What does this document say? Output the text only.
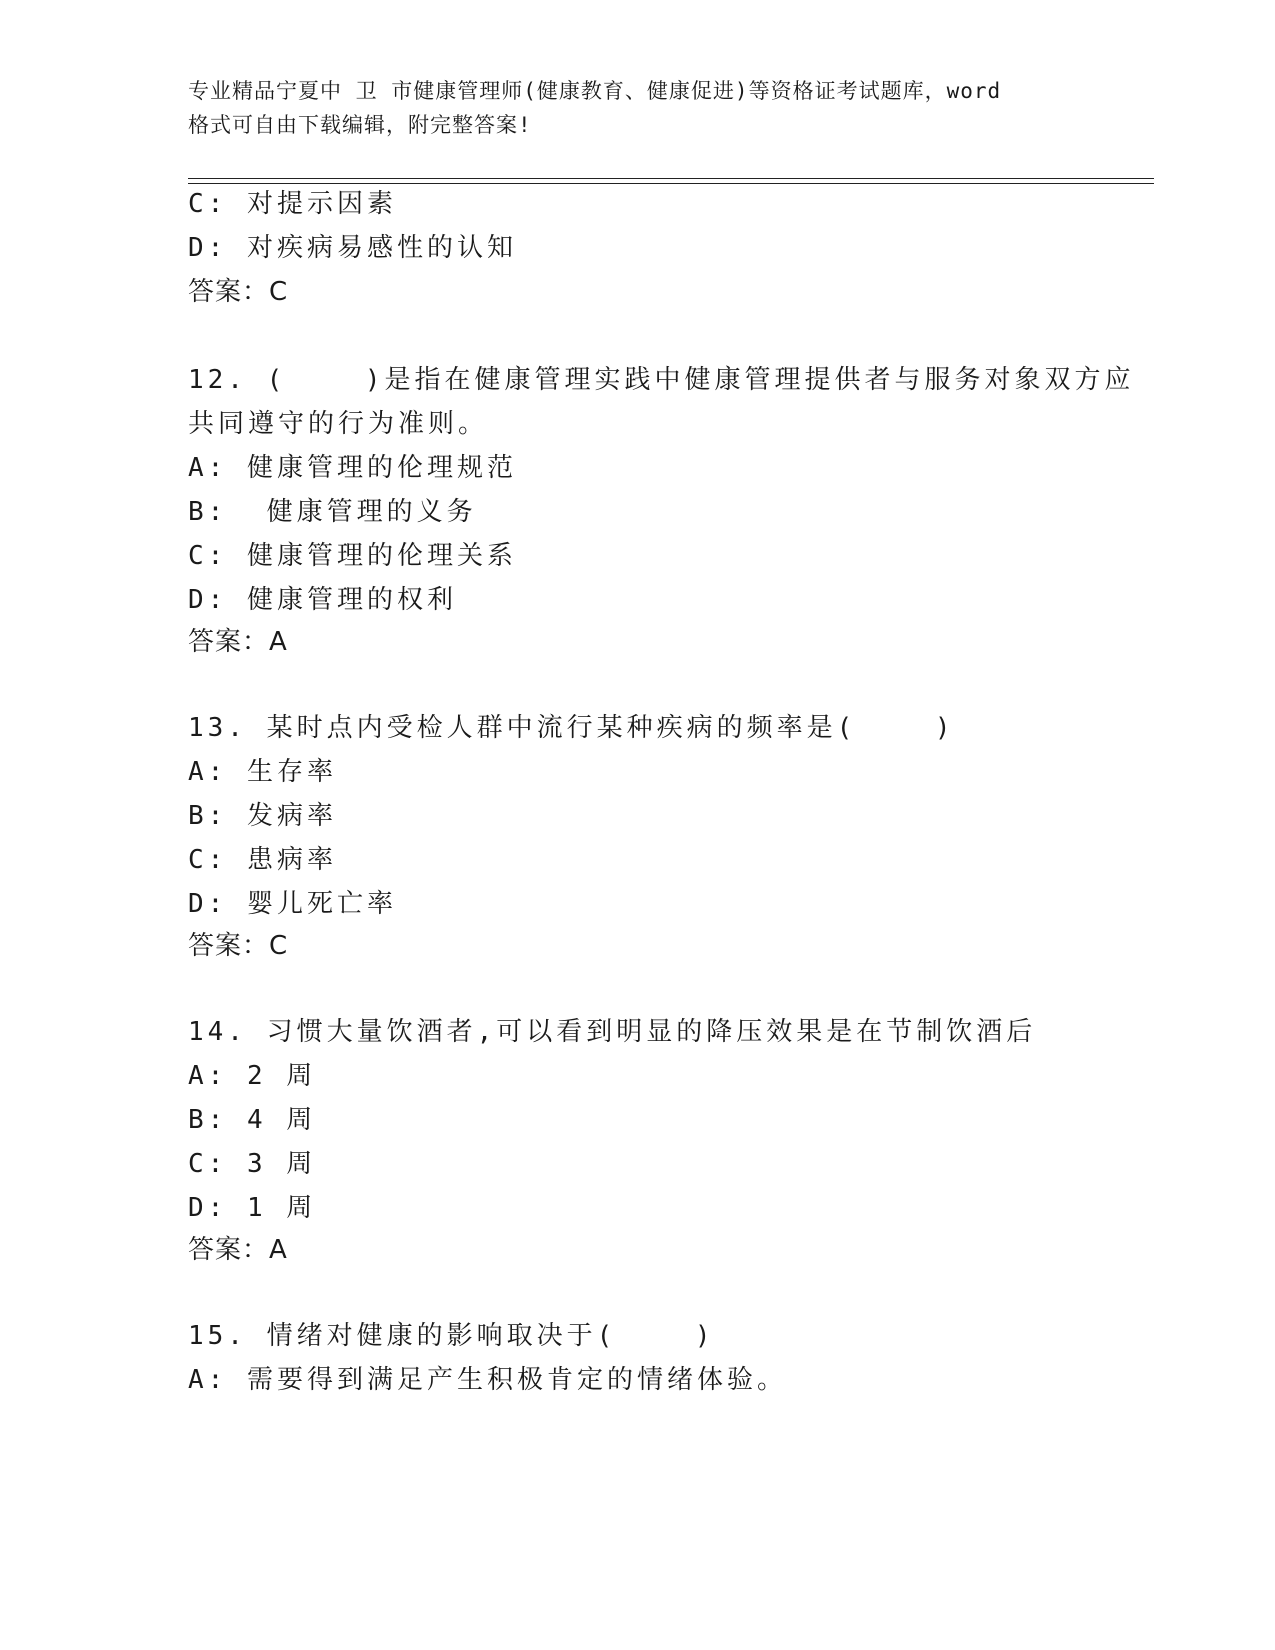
专业精品宁夏中 卫 市健康管理师(健康教育、健康促进)等资格证考试题库，word
格式可自由下载编辑，附完整答案!
C: 对提示因素
D: 对疾病易感性的认知
答案：C
12. (    )是指在健康管理实践中健康管理提供者与服务对象双方应
共同遵守的行为准则。
A: 健康管理的伦理规范
B:  健康管理的义务
C: 健康管理的伦理关系
D: 健康管理的权利
答案：A
13. 某时点内受检人群中流行某种疾病的频率是(    )
A: 生存率
B: 发病率
C: 患病率
D: 婴儿死亡率
答案：C
14. 习惯大量饮酒者,可以看到明显的降压效果是在节制饮酒后
A: 2 周
B: 4 周
C: 3 周
D: 1 周
答案：A
15. 情绪对健康的影响取决于(    )
A: 需要得到满足产生积极肯定的情绪体验。
